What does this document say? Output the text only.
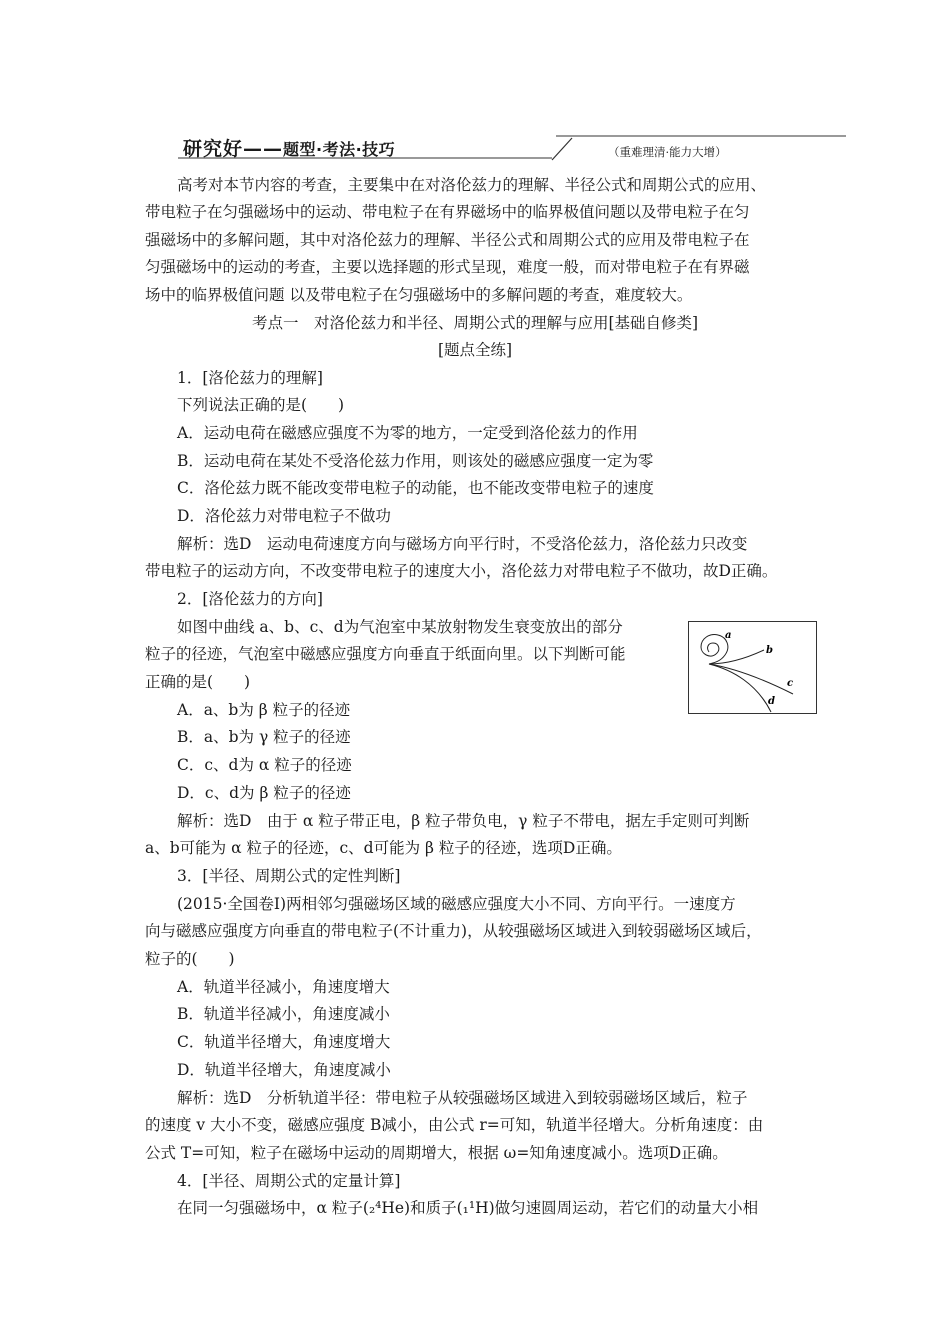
研究好——题型·考法·技巧	（重难理清·能力大增）
高考对本节内容的考查，主要集中在对洛伦兹力的理解、半径公式和周期公式的应用、
带电粒子在匀强磁场中的运动、带电粒子在有界磁场中的临界极值问题以及带电粒子在匀
强磁场中的多解问题，其中对洛伦兹力的理解、半径公式和周期公式的应用及带电粒子在
匀强磁场中的运动的考查，主要以选择题的形式呈现，难度一般，而对带电粒子在有界磁
场中的临界极值问题 以及带电粒子在匀强磁场中的多解问题的考查，难度较大。
考点一　对洛伦兹力和半径、周期公式的理解与应用[基础自修类]
[题点全练]
1．[洛伦兹力的理解]
下列说法正确的是(　　)
A．运动电荷在磁感应强度不为零的地方，一定受到洛伦兹力的作用
B．运动电荷在某处不受洛伦兹力作用，则该处的磁感应强度一定为零
C．洛伦兹力既不能改变带电粒子的动能，也不能改变带电粒子的速度
D．洛伦兹力对带电粒子不做功
解析：选D　运动电荷速度方向与磁场方向平行时，不受洛伦兹力，洛伦兹力只改变
带电粒子的运动方向，不改变带电粒子的速度大小，洛伦兹力对带电粒子不做功，故D正确。
2．[洛伦兹力的方向]
如图中曲线 a、b、c、d为气泡室中某放射物发生衰变放出的部分
粒子的径迹，气泡室中磁感应强度方向垂直于纸面向里。以下判断可能
正确的是(　　)
A．a、b为 β 粒子的径迹
B．a、b为 γ 粒子的径迹
C．c、d为 α 粒子的径迹
D．c、d为 β 粒子的径迹
解析：选D　由于 α 粒子带正电，β 粒子带负电，γ 粒子不带电，据左手定则可判断
a、b可能为 α 粒子的径迹，c、d可能为 β 粒子的径迹，选项D正确。
a
b
c
d
3．[半径、周期公式的定性判断]
(2015·全国卷Ⅰ)两相邻匀强磁场区域的磁感应强度大小不同、方向平行。一速度方
向与磁感应强度方向垂直的带电粒子(不计重力)，从较强磁场区域进入到较弱磁场区域后，
粒子的(　　)
A．轨道半径减小，角速度增大
B．轨道半径减小，角速度减小
C．轨道半径增大，角速度增大
D．轨道半径增大，角速度减小
解析：选D　分析轨道半径：带电粒子从较强磁场区域进入到较弱磁场区域后，粒子
的速度 v 大小不变，磁感应强度 B减小，由公式 r=可知，轨道半径增大。分析角速度：由
公式 T=可知，粒子在磁场中运动的周期增大，根据 ω=知角速度减小。选项D正确。
4．[半径、周期公式的定量计算]
在同一匀强磁场中，α 粒子(₂⁴He)和质子(₁¹H)做匀速圆周运动，若它们的动量大小相
